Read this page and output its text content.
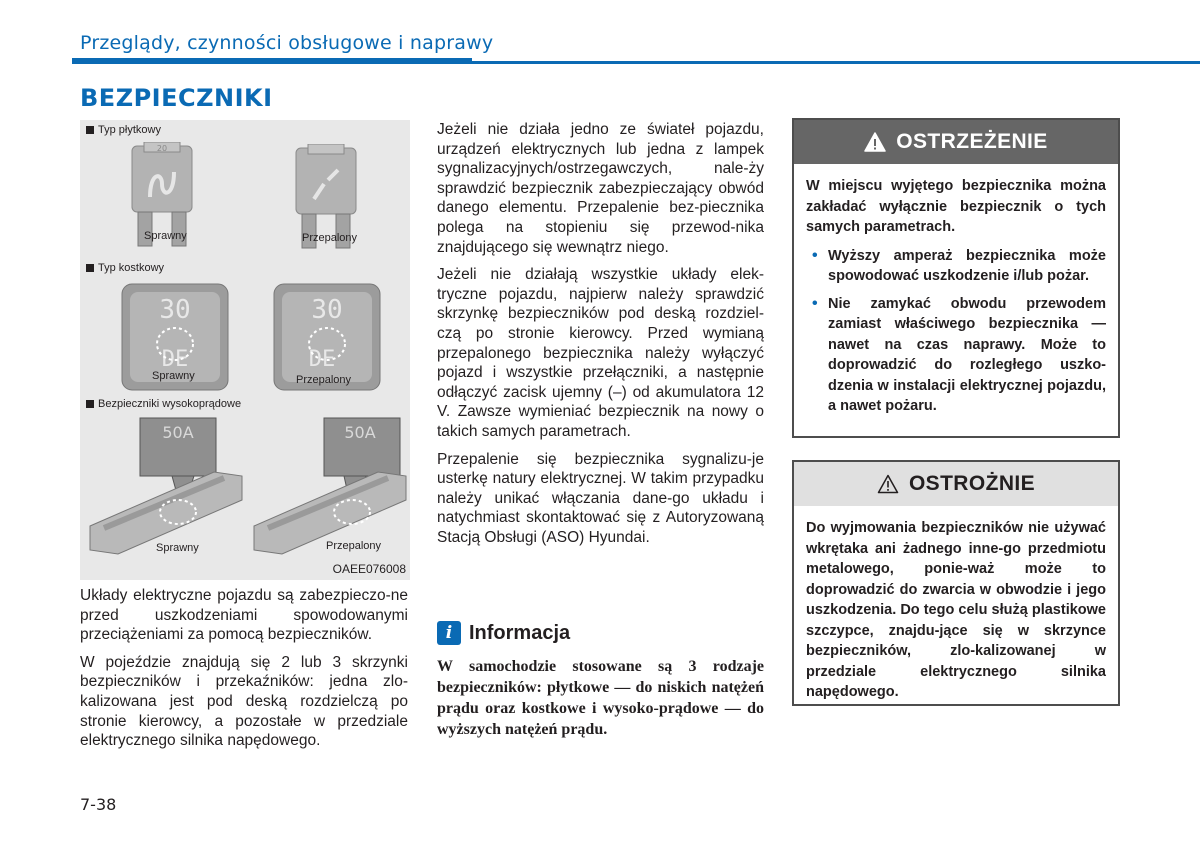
Przeglądy, czynności obsługowe i naprawy
BEZPIECZNIKI
Typ płytkowy
20
Sprawny	Przepalony
Typ kostkowy
30
DE
Sprawny
30
DE
Przepalony
Bezpieczniki wysokoprądowe
50A
Sprawny
50A
Przepalony
OAEE076008

Układy elektryczne pojazdu są zabezpieczo-ne przed uszkodzeniami spowodowanymi przeciążeniami za pomocą bezpieczników.

W pojeździe znajdują się 2 lub 3 skrzynki bezpieczników i przekaźników: jedna zlo-kalizowana jest pod deską rozdzielczą po stronie kierowcy, a pozostałe w przedziale elektrycznego silnika napędowego.

Jeżeli nie działa jedno ze świateł pojazdu, urządzeń elektrycznych lub jedna z lampek sygnalizacyjnych/ostrzegawczych, nale-ży sprawdzić bezpiecznik zabezpieczający obwód danego elementu. Przepalenie bez-piecznika polega na stopieniu się przewod-nika znajdującego się wewnątrz niego.

Jeżeli nie działają wszystkie układy elek-tryczne pojazdu, najpierw należy sprawdzić skrzynkę bezpieczników pod deską rozdziel-czą po stronie kierowcy. Przed wymianą przepalonego bezpiecznika należy wyłączyć pojazd i wszystkie przełączniki, a następnie odłączyć zacisk ujemny (–) od akumulatora 12 V. Zawsze wymieniać bezpiecznik na nowy o takich samych parametrach.

Przepalenie się bezpiecznika sygnalizu-je usterkę natury elektrycznej. W takim przypadku należy unikać włączania dane-go układu i natychmiast skontaktować się z Autoryzowaną Stacją Obsługi (ASO) Hyundai.

i Informacja
W samochodzie stosowane są 3 rodzaje bezpieczników: płytkowe — do niskich natężeń prądu oraz kostkowe i wysoko-prądowe — do wyższych natężeń prądu.
OSTRZEŻENIE
W miejscu wyjętego bezpiecznika można zakładać wyłącznie bezpiecznik o tych samych parametrach.
• Wyższy amperaż bezpiecznika może spowodować uszkodzenie i/lub pożar.
• Nie zamykać obwodu przewodem zamiast właściwego bezpiecznika — nawet na czas naprawy. Może to doprowadzić do rozległego uszko-dzenia w instalacji elektrycznej pojazdu, a nawet pożaru.
OSTROŻNIE
Do wyjmowania bezpieczników nie używać wkrętaka ani żadnego inne-go przedmiotu metalowego, ponie-waż może to doprowadzić do zwarcia w obwodzie i jego uszkodzenia. Do tego celu służą plastikowe szczypce, znajdu-jące się w skrzynce bezpieczników, zlo-kalizowanej w przedziale elektrycznego silnika napędowego.
7-38
